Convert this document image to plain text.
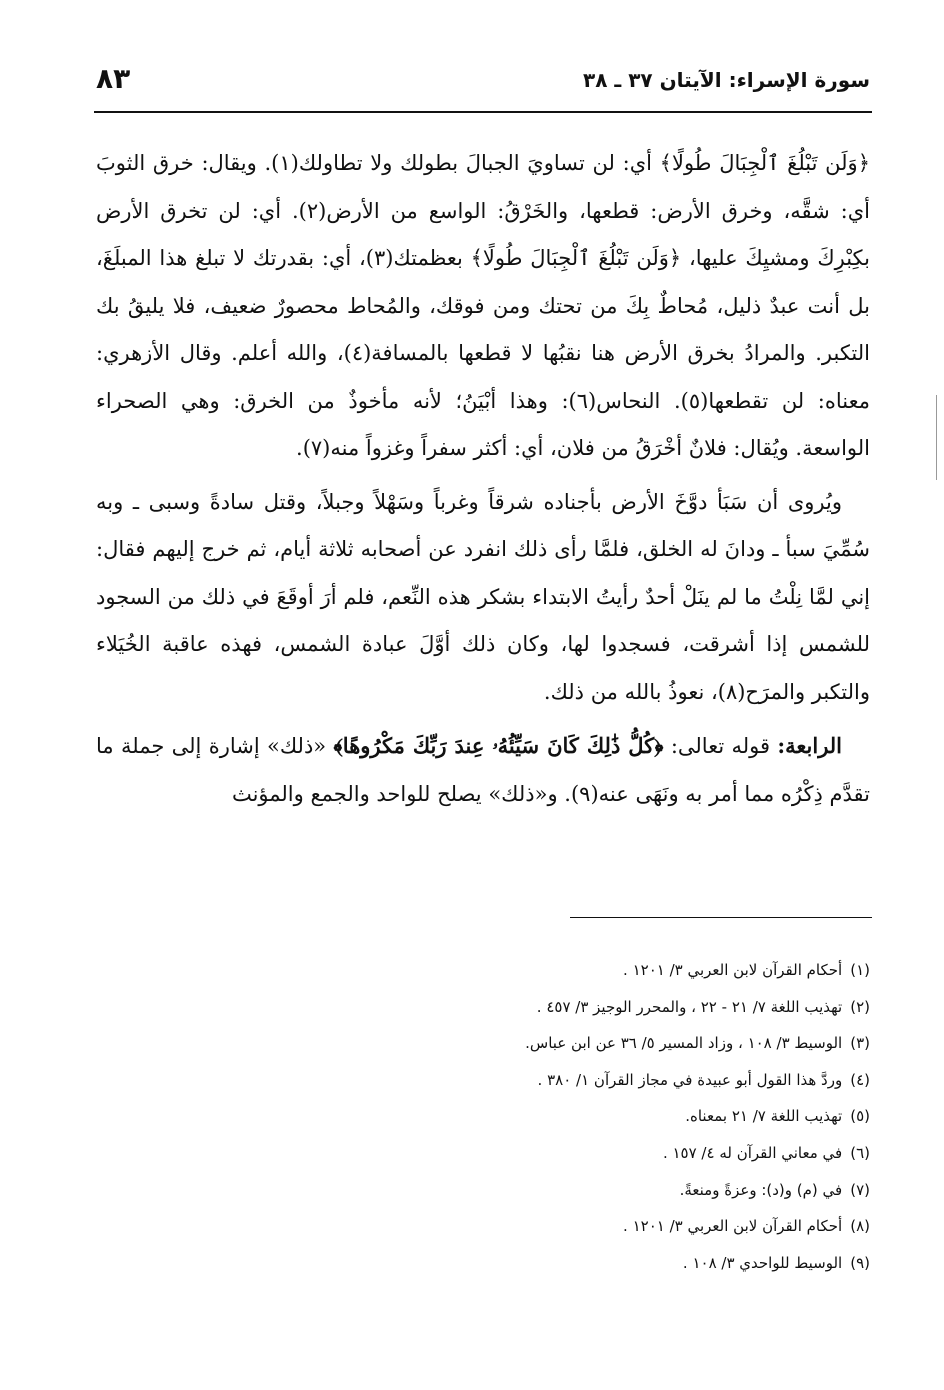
سورة الإسراء: الآيتان ٣٧ ـ ٣٨
٨٣

﴿وَلَن تَبْلُغَ ٱلْجِبَالَ طُولًا﴾ أي: لن تساويَ الجبالَ بطولك ولا تطاولك(١). ويقال: خرق الثوبَ أي: شقَّه، وخرق الأرض: قطعها، والخَرْقُ: الواسع من الأرض(٢). أي: لن تخرق الأرض بكِبْرِكَ ومشيِكَ عليها، ﴿وَلَن تَبْلُغَ ٱلْجِبَالَ طُولًا﴾ بعظمتك(٣)، أي: بقدرتك لا تبلغ هذا المبلَغَ، بل أنت عبدٌ ذليل، مُحاطٌ بِكَ من تحتك ومن فوقك، والمُحاط محصورٌ ضعيف، فلا يليقُ بك التكبر. والمرادُ بخرق الأرض هنا نقبُها لا قطعها بالمسافة(٤)، والله أعلم. وقال الأزهري: معناه: لن تقطعها(٥). النحاس(٦): وهذا أبْيَنُ؛ لأنه مأخوذٌ من الخرق: وهي الصحراء الواسعة. ويُقال: فلانٌ أخْرَقُ من فلان، أي: أكثر سفراً وغزواً منه(٧).

ويُروى أن سَبَأ دوَّخَ الأرض بأجناده شرقاً وغرباً وسَهْلاً وجبلاً، وقتل سادةً وسبى ـ وبه سُمِّيَ سبأ ـ ودانَ له الخلق، فلمَّا رأى ذلك انفرد عن أصحابه ثلاثة أيام، ثم خرج إليهم فقال: إني لمَّا نِلْتُ ما لم ينَلْ أحدٌ رأيتُ الابتداء بشكر هذه النِّعم، فلم أرَ أوقَعَ في ذلك من السجود للشمس إذا أشرقت، فسجدوا لها، وكان ذلك أوَّلَ عبادة الشمس، فهذه عاقبة الخُيَلاء والتكبر والمرَح(٨)، نعوذُ بالله من ذلك.

الرابعة: قوله تعالى: ﴿كُلُّ ذَٰلِكَ كَانَ سَيِّئُهُۥ عِندَ رَبِّكَ مَكْرُوهًا﴾ «ذلك» إشارة إلى جملة ما تقدَّم ذِكْرُه مما أمر به ونَهَى عنه(٩). و«ذلك» يصلح للواحد والجمع والمؤنث

(١)أحكام القرآن لابن العربي ٣/ ١٢٠١ .
(٢)تهذيب اللغة ٧/ ٢١ - ٢٢ ، والمحرر الوجيز ٣/ ٤٥٧ .
(٣)الوسيط ٣/ ١٠٨ ، وزاد المسير ٥/ ٣٦ عن ابن عباس.
(٤)وردَّ هذا القول أبو عبيدة في مجاز القرآن ١/ ٣٨٠ .
(٥)تهذيب اللغة ٧/ ٢١ بمعناه.
(٦)في معاني القرآن له ٤/ ١٥٧ .
(٧)في (م) و(د): وعزةً ومنعةً.
(٨)أحكام القرآن لابن العربي ٣/ ١٢٠١ .
(٩)الوسيط للواحدي ٣/ ١٠٨ .
